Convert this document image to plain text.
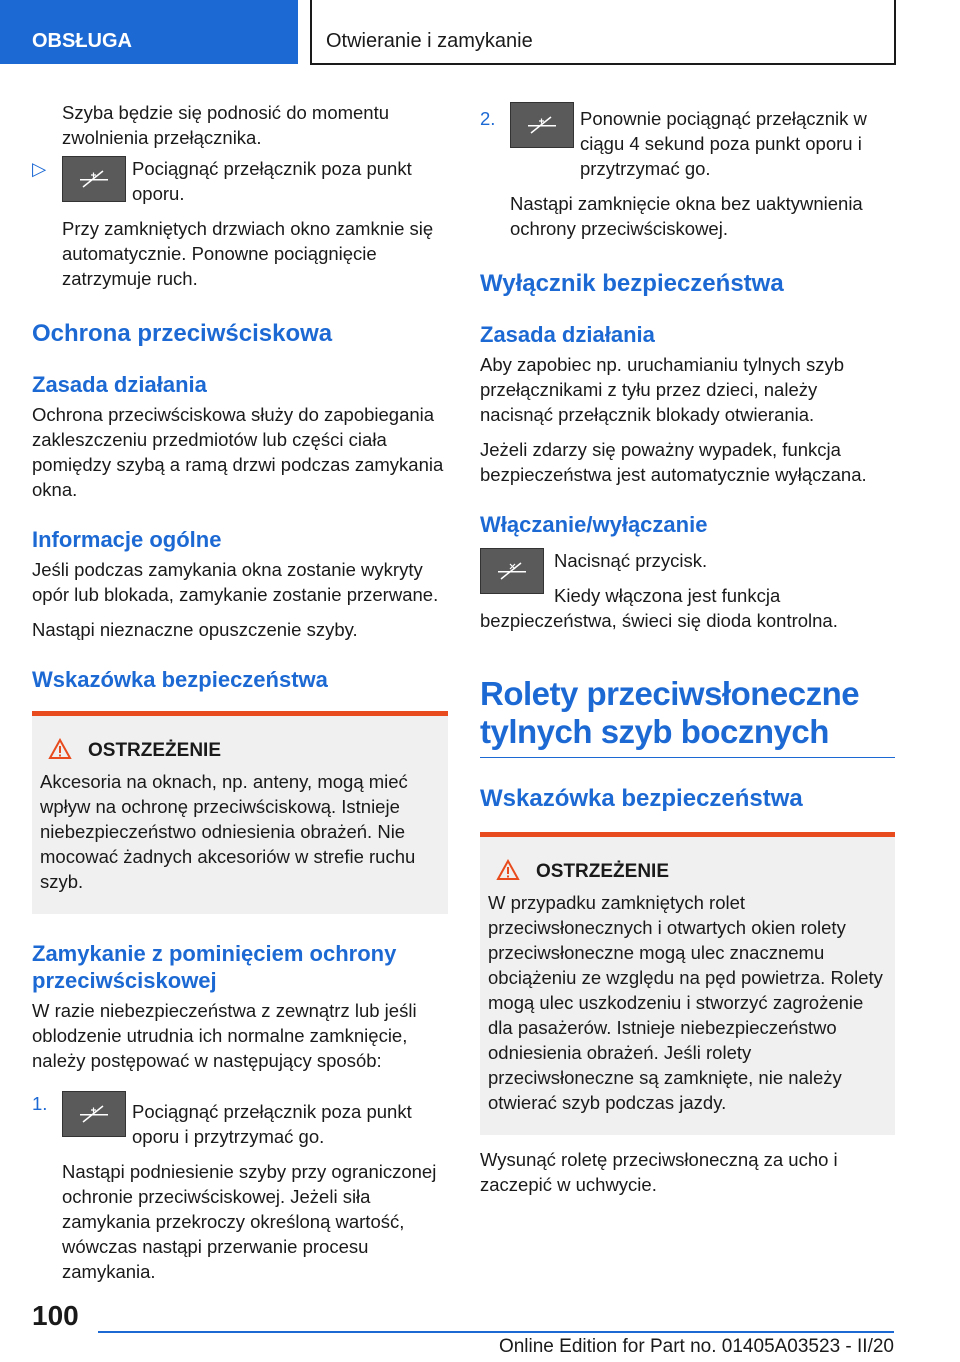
OBSŁUGA	Otwieranie i zamykanie

Szyba będzie się podnosić do momentu zwolnienia przełącznika.

▷	Pociągnąć przełącznik poza punkt oporu.

Przy zamkniętych drzwiach okno zamknie się automatycznie. Ponowne pociągnięcie zatrzymuje ruch.

Ochrona przeciwściskowa
Zasada działania

Ochrona przeciwściskowa służy do zapobiegania zakleszczeniu przedmiotów lub części ciała pomiędzy szybą a ramą drzwi podczas zamykania okna.

Informacje ogólne

Jeśli podczas zamykania okna zostanie wykryty opór lub blokada, zamykanie zostanie przerwane.

Nastąpi nieznaczne opuszczenie szyby.

Wskazówka bezpieczeństwa
OSTRZEŻENIE

Akcesoria na oknach, np. anteny, mogą mieć wpływ na ochronę przeciwściskową. Istnieje niebezpieczeństwo odniesienia obrażeń. Nie mocować żadnych akcesoriów w strefie ruchu szyb.

Zamykanie z pominięciem ochrony przeciwściskowej

W razie niebezpieczeństwa z zewnątrz lub jeśli oblodzenie utrudnia ich normalne zamknięcie, należy postępować w następujący sposób:

1.	Pociągnąć przełącznik poza punkt oporu i przytrzymać go.

Nastąpi podniesienie szyby przy ograniczonej ochronie przeciwściskowej. Jeżeli siła zamykania przekroczy określoną wartość, wówczas nastąpi przerwanie procesu zamykania.

2.	Ponownie pociągnąć przełącznik w ciągu 4 sekund poza punkt oporu i przytrzymać go.

Nastąpi zamknięcie okna bez uaktywnienia ochrony przeciwściskowej.

Wyłącznik bezpieczeństwa
Zasada działania

Aby zapobiec np. uruchamianiu tylnych szyb przełącznikami z tyłu przez dzieci, należy nacisnąć przełącznik blokady otwierania.

Jeżeli zdarzy się poważny wypadek, funkcja bezpieczeństwa jest automatycznie wyłączana.

Włączanie/wyłączanie

Nacisnąć przycisk.

Kiedy włączona jest funkcja bezpieczeństwa, świeci się dioda kontrolna.

Rolety przeciwsłoneczne tylnych szyb bocznych
Wskazówka bezpieczeństwa
OSTRZEŻENIE

W przypadku zamkniętych rolet przeciwsłonecznych i otwartych okien rolety przeciwsłoneczne mogą ulec znacznemu obciążeniu ze względu na pęd powietrza. Rolety mogą ulec uszkodzeniu i stworzyć zagrożenie dla pasażerów. Istnieje niebezpieczeństwo odniesienia obrażeń. Jeśli rolety przeciwsłoneczne są zamknięte, nie należy otwierać szyb podczas jazdy.

Wysunąć roletę przeciwsłoneczną za ucho i zaczepić w uchwycie.

100
Online Edition for Part no. 01405A03523 - II/20
